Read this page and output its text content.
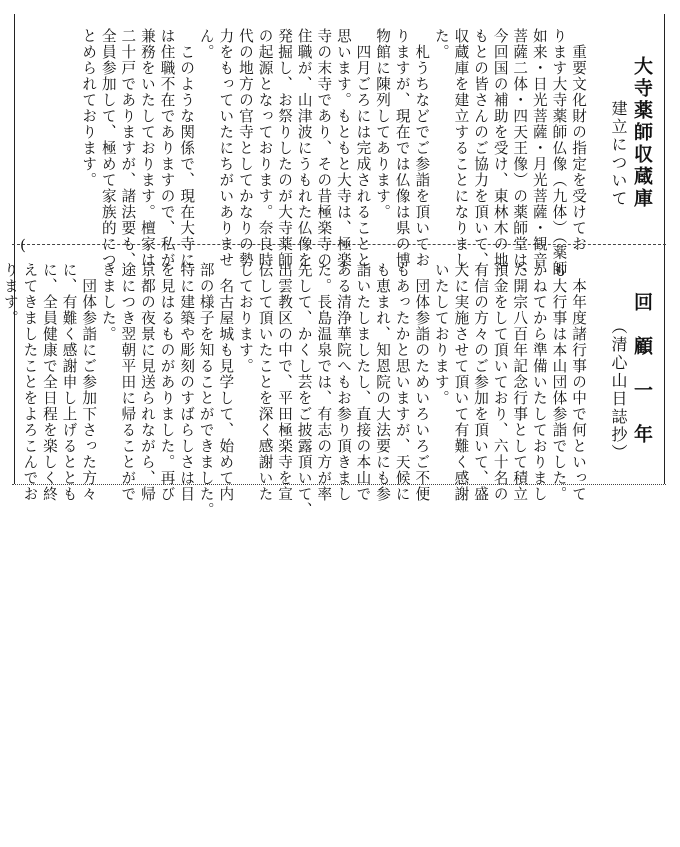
(
大寺薬師収蔵庫
建立について
　重要文化財の指定を受けてお
ります大寺薬師仏像（九体）（薬師
如来・日光菩薩・月光菩薩・観音
菩薩二体・四天王像）の薬師堂は、
今回国の補助を受け、東林木の地
もとの皆さんのご協力を頂いて、
収蔵庫を建立することになりまし
た。
　札うちなどでご参詣を頂いてお
りますが、現在では仏像は県の博
物館に陳列してあります。
　四月ごろには完成されることと
思います。もともと大寺は、極楽
寺の末寺であり、その昔極楽寺の
住職が、山津波にうもれた仏像を
発掘し、お祭りしたのが大寺薬師
の起源となっております。奈良時
代の地方の官寺としてかなりの勢
力をもっていたにちがいありませ
ん。
　このような関係で、現在大寺に
は住職不在でありますので、私が
兼務をいたしております。檀家は
二十戸でありますが、諸法要も、
全員参加して、極めて家族的につ
とめられております。
回　顧　一　年
（清心山日誌抄）
　本年度諸行事の中で何といって
も大行事は本山団体参詣でした。
かねてから準備いたしておりまし
た開宗八百年記念行事として積立
預金をして頂いており、六十名の
有信の方々のご参加を頂いて、盛
大に実施させて頂いて有難く感謝
いたしております。
　団体参詣のためいろいろご不便
もあったかと思いますが、天候に
も恵まれ、知恩院の大法要にも参
詣いたしましたし、直接の本山で
ある清浄華院へもお参り頂きまし
た。長島温泉では、有志の方が率
先して、かくし芸をご披露頂いて、
出雲教区の中で、平田極楽寺を宣
伝して頂いたことを深く感謝いた
しております。
　名古屋城も見学して、始めて内
部の様子を知ることができました。
特に建築や彫刻のすばらしさは目
を見はるものがありました。再び
京都の夜景に見送られながら、帰
途につき翌朝平田に帰ることがで
きました。
　団体参詣にご参加下さった方々
に、有難く感謝申し上げるととも
に、全員健康で全日程を楽しく終
えてきましたことをよろこんでお
ります。
